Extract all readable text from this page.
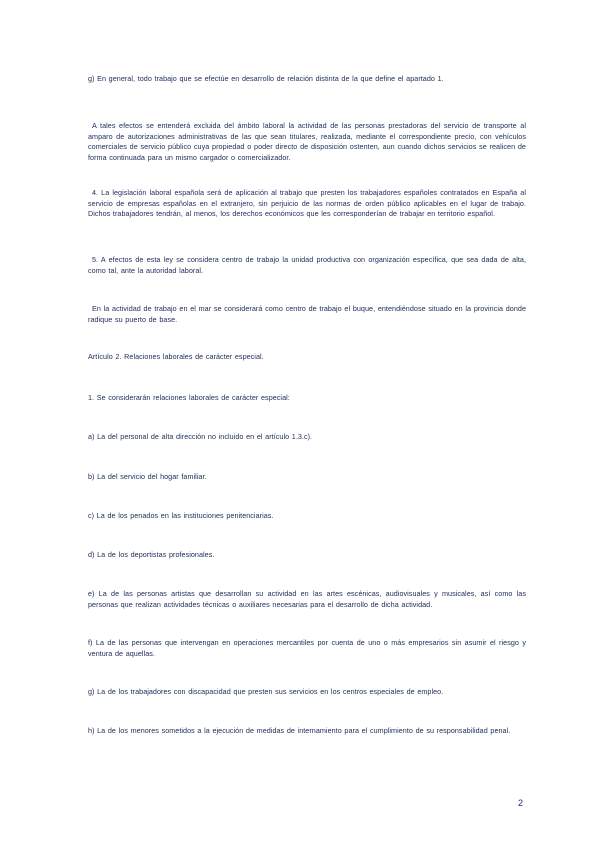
g) En general, todo trabajo que se efectúe en desarrollo de relación distinta de la que define el apartado 1.

A tales efectos se entenderá excluida del ámbito laboral la actividad de las personas prestadoras del servicio de transporte al amparo de autorizaciones administrativas de las que sean titulares, realizada, mediante el correspondiente precio, con vehículos comerciales de servicio público cuya propiedad o poder directo de disposición ostenten, aun cuando dichos servicios se realicen de forma continuada para un mismo cargador o comercializador.

4. La legislación laboral española será de aplicación al trabajo que presten los trabajadores españoles contratados en España al servicio de empresas españolas en el extranjero, sin perjuicio de las normas de orden público aplicables en el lugar de trabajo. Dichos trabajadores tendrán, al menos, los derechos económicos que les corresponderían de trabajar en territorio español.

5. A efectos de esta ley se considera centro de trabajo la unidad productiva con organización específica, que sea dada de alta, como tal, ante la autoridad laboral.

En la actividad de trabajo en el mar se considerará como centro de trabajo el buque, entendiéndose situado en la provincia donde radique su puerto de base.

Artículo 2. Relaciones laborales de carácter especial.

1. Se considerarán relaciones laborales de carácter especial:

a) La del personal de alta dirección no incluido en el artículo 1.3.c).

b) La del servicio del hogar familiar.

c) La de los penados en las instituciones penitenciarias.

d) La de los deportistas profesionales.

e) La de las personas artistas que desarrollan su actividad en las artes escénicas, audiovisuales y musicales, así como las personas que realizan actividades técnicas o auxiliares necesarias para el desarrollo de dicha actividad.

f) La de las personas que intervengan en operaciones mercantiles por cuenta de uno o más empresarios sin asumir el riesgo y ventura de aquellas.

g) La de los trabajadores con discapacidad que presten sus servicios en los centros especiales de empleo.

h) La de los menores sometidos a la ejecución de medidas de internamiento para el cumplimiento de su responsabilidad penal.

2
